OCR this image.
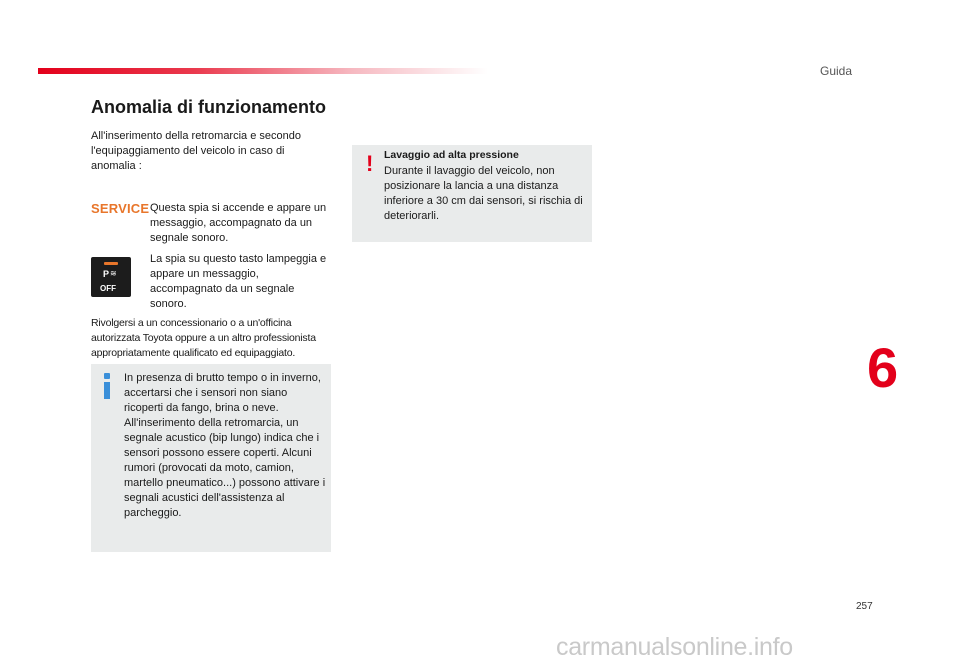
Guida
Anomalia di funzionamento
All'inserimento della retromarcia e secondo l'equipaggiamento del veicolo in caso di anomalia :
SERVICE Questa spia si accende e appare un messaggio, accompagnato da un segnale sonoro.
P ≋
OFF
La spia su questo tasto lampeggia e appare un messaggio, accompagnato da un segnale sonoro.
Rivolgersi a un concessionario o a un'officina autorizzata Toyota oppure a un altro professionista appropriatamente qualificato ed equipaggiato.
In presenza di brutto tempo o in inverno, accertarsi che i sensori non siano ricoperti da fango, brina o neve. All'inserimento della retromarcia, un segnale acustico (bip lungo) indica che i sensori possono essere coperti. Alcuni rumori (provocati da moto, camion, martello pneumatico...) possono attivare i segnali acustici dell'assistenza al parcheggio.
! Lavaggio ad alta pressione
Durante il lavaggio del veicolo, non posizionare la lancia a una distanza inferiore a 30 cm dai sensori, si rischia di deteriorarli.
6
257
carmanualsonline.info
